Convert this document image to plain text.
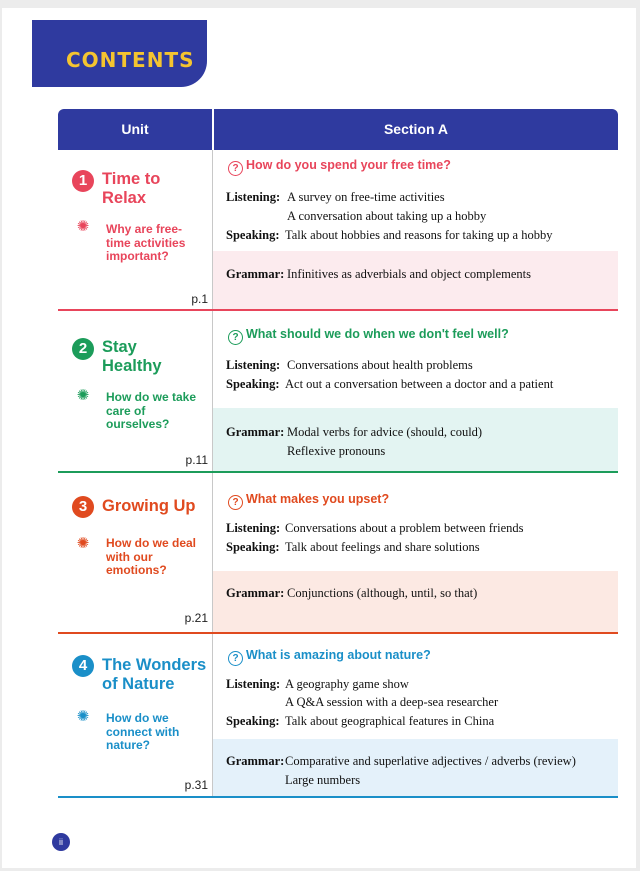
CONTENTS
Unit	Section A
1 Time to
Relax
✺	Why are free-time activities important?
p.1
? How do you spend your free time?
Listening: A survey on free-time activities
A conversation about taking up a hobby
Speaking: Talk about hobbies and reasons for taking up a hobby
Grammar: Infinitives as adverbials and object complements
2 Stay
Healthy
✺	How do we take care of ourselves?
p.11
? What should we do when we don't feel well?
Listening: Conversations about health problems
Speaking: Act out a conversation between a doctor and a patient
Grammar: Modal verbs for advice (should, could)
Reflexive pronouns
3 Growing Up
✺	How do we deal with our emotions?
p.21
? What makes you upset?
Listening: Conversations about a problem between friends
Speaking: Talk about feelings and share solutions
Grammar: Conjunctions (although, until, so that)
4 The Wonders
of Nature
✺	How do we connect with nature?
p.31
? What is amazing about nature?
Listening: A geography game show
A Q&A session with a deep-sea researcher
Speaking: Talk about geographical features in China
Grammar: Comparative and superlative adjectives / adverbs (review)
Large numbers
ii
